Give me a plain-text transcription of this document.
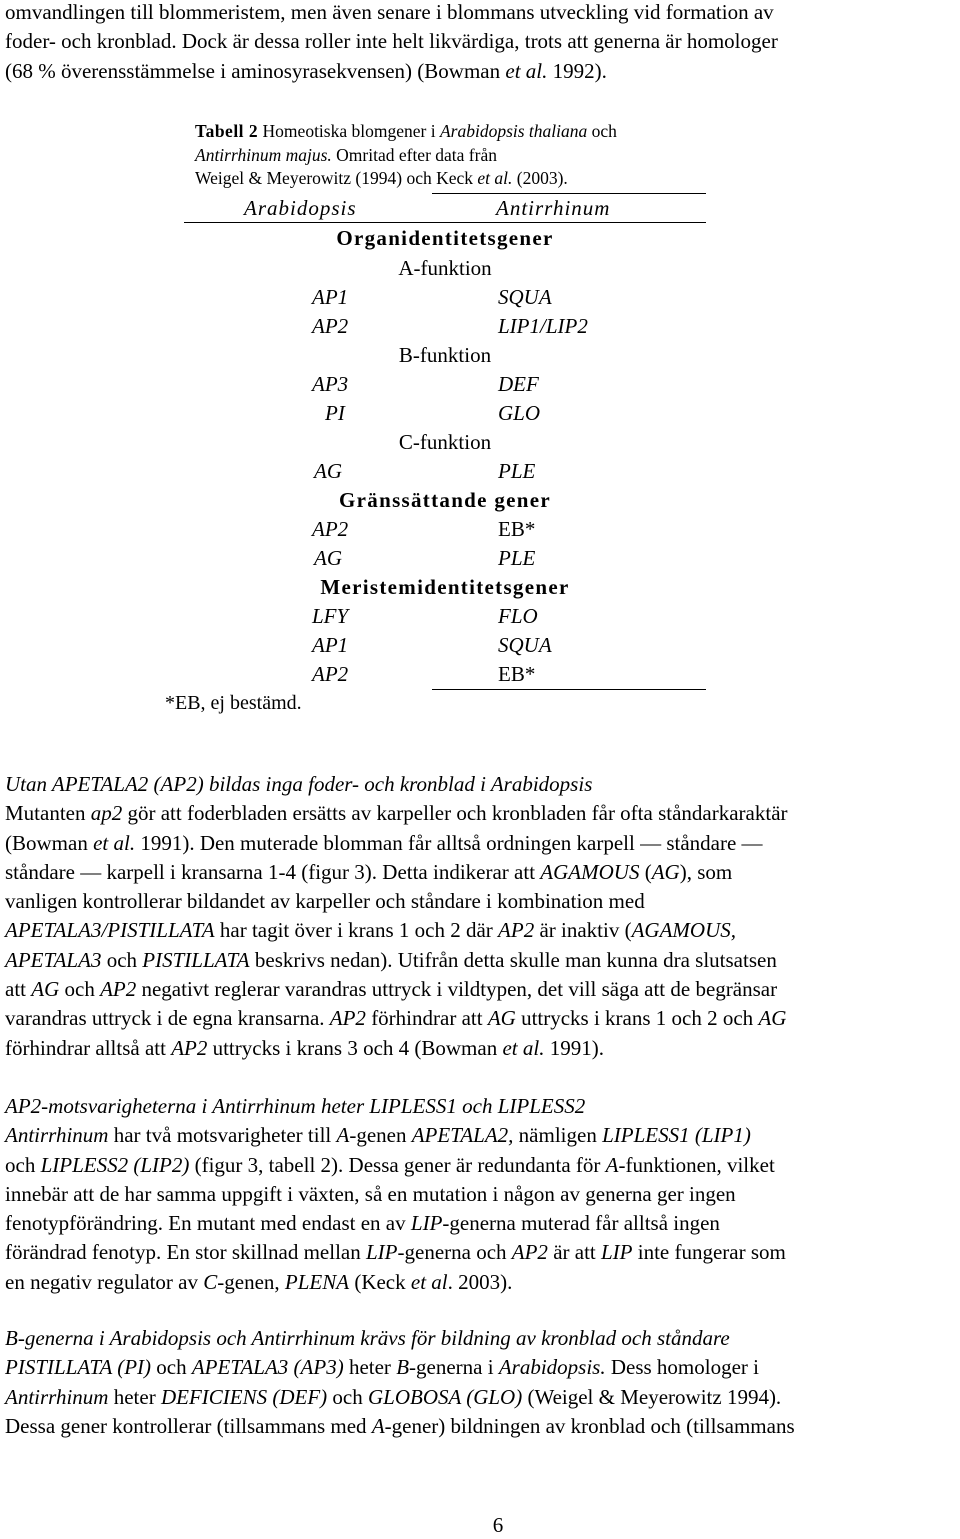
omvandlingen till blommeristem, men även senare i blommans utveckling vid formation av
foder- och kronblad. Dock är dessa roller inte helt likvärdiga, trots att generna är homologer
(68 % överensstämmelse i aminosyrasekvensen) (Bowman et al. 1992).

Tabell 2 Homeotiska blomgener i Arabidopsis thaliana och
Antirrhinum majus. Omritad efter data från
Weigel & Meyerowitz (1994) och Keck et al. (2003).

Arabidopsis	Antirrhinum
Organidentitetsgener
A-funktion
AP1	SQUA
AP2	LIP1/LIP2
B-funktion
AP3	DEF
PI	GLO
C-funktion
AG	PLE
Gränssättande gener
AP2	EB*
AG	PLE
Meristemidentitetsgener
LFY	FLO
AP1	SQUA
AP2	EB*
*EB, ej bestämd.
Utan APETALA2 (AP2) bildas inga foder- och kronblad i Arabidopsis
Mutanten ap2 gör att foderbladen ersätts av karpeller och kronbladen får ofta ståndarkaraktär
(Bowman et al. 1991). Den muterade blomman får alltså ordningen karpell — ståndare —
ståndare — karpell i kransarna 1-4 (figur 3). Detta indikerar att AGAMOUS (AG), som
vanligen kontrollerar bildandet av karpeller och ståndare i kombination med
APETALA3/PISTILLATA har tagit över i krans 1 och 2 där AP2 är inaktiv (AGAMOUS,
APETALA3 och PISTILLATA beskrivs nedan). Utifrån detta skulle man kunna dra slutsatsen
att AG och AP2 negativt reglerar varandras uttryck i vildtypen, det vill säga att de begränsar
varandras uttryck i de egna kransarna. AP2 förhindrar att AG uttrycks i krans 1 och 2 och AG
förhindrar alltså att AP2 uttrycks i krans 3 och 4 (Bowman et al. 1991).
AP2-motsvarigheterna i Antirrhinum heter LIPLESS1 och LIPLESS2
Antirrhinum har två motsvarigheter till A-genen APETALA2, nämligen LIPLESS1 (LIP1)
och LIPLESS2 (LIP2) (figur 3, tabell 2). Dessa gener är redundanta för A-funktionen, vilket
innebär att de har samma uppgift i växten, så en mutation i någon av generna ger ingen
fenotypförändring. En mutant med endast en av LIP-generna muterad får alltså ingen
förändrad fenotyp. En stor skillnad mellan LIP-generna och AP2 är att LIP inte fungerar som
en negativ regulator av C-genen, PLENA (Keck et al. 2003).
B-generna i Arabidopsis och Antirrhinum krävs för bildning av kronblad och ståndare
PISTILLATA (PI) och APETALA3 (AP3) heter B-generna i Arabidopsis. Dess homologer i
Antirrhinum heter DEFICIENS (DEF) och GLOBOSA (GLO) (Weigel & Meyerowitz 1994).
Dessa gener kontrollerar (tillsammans med A-gener) bildningen av kronblad och (tillsammans
6
